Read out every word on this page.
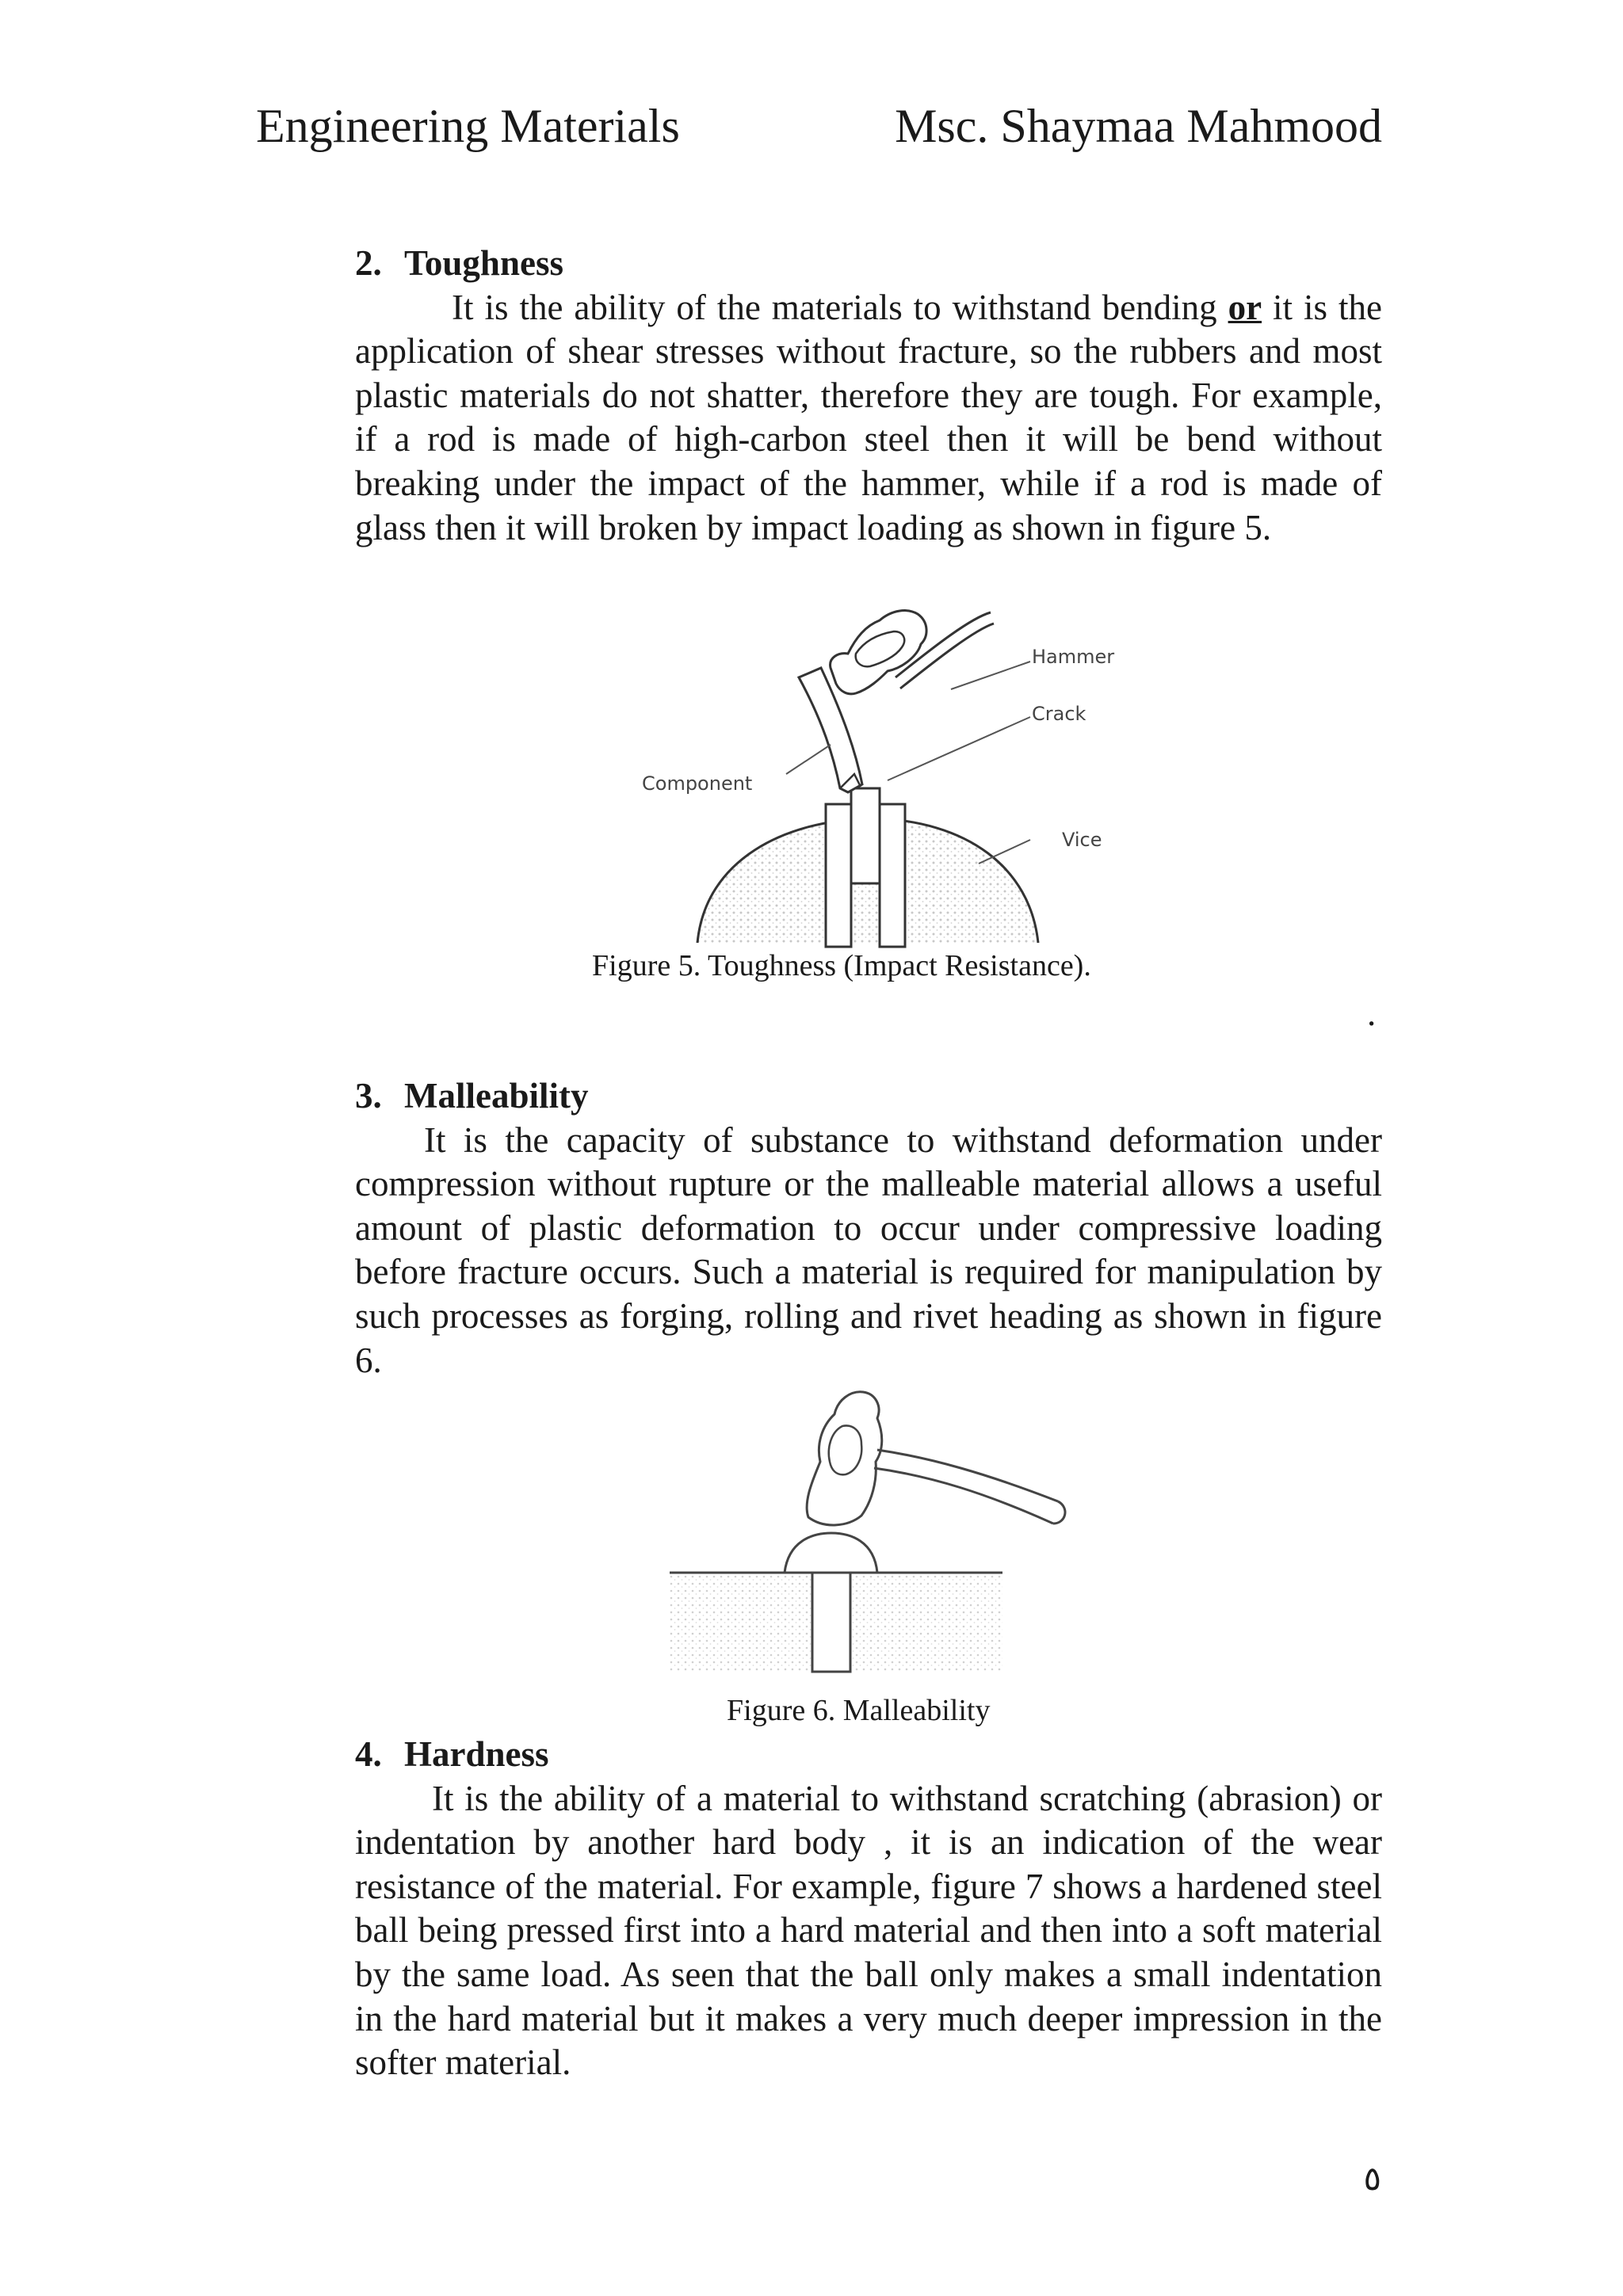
Engineering Materials	Msc. Shaymaa Mahmood
2. Toughness

It is the ability of the materials to withstand bending or it is the application of shear stresses without fracture, so the rubbers and most plastic materials do not shatter, therefore they are tough. For example, if a rod is made of high-carbon steel then it will be bend without breaking under the impact of the hammer, while if a rod is made of glass then it will broken by impact loading as shown in figure 5.

Hammer
Crack
Component
Vice
Figure 5. Toughness (Impact Resistance).
.
3. Malleability

It is the capacity of substance to withstand deformation under compression without rupture or the malleable material allows a useful amount of plastic deformation to occur under compressive loading before fracture occurs. Such a material is required for manipulation by such processes as forging, rolling and rivet heading as shown in figure 6.

Figure 6. Malleability
4. Hardness

It is the ability of a material to withstand scratching (abrasion) or indentation by another hard body , it is an indication of the wear resistance of the material. For example, figure 7 shows a hardened steel ball being pressed first into a hard material and then into a soft material by the same load. As seen that the ball only makes a small indentation in the hard material but it makes a very much deeper impression in the softer material.

٥
